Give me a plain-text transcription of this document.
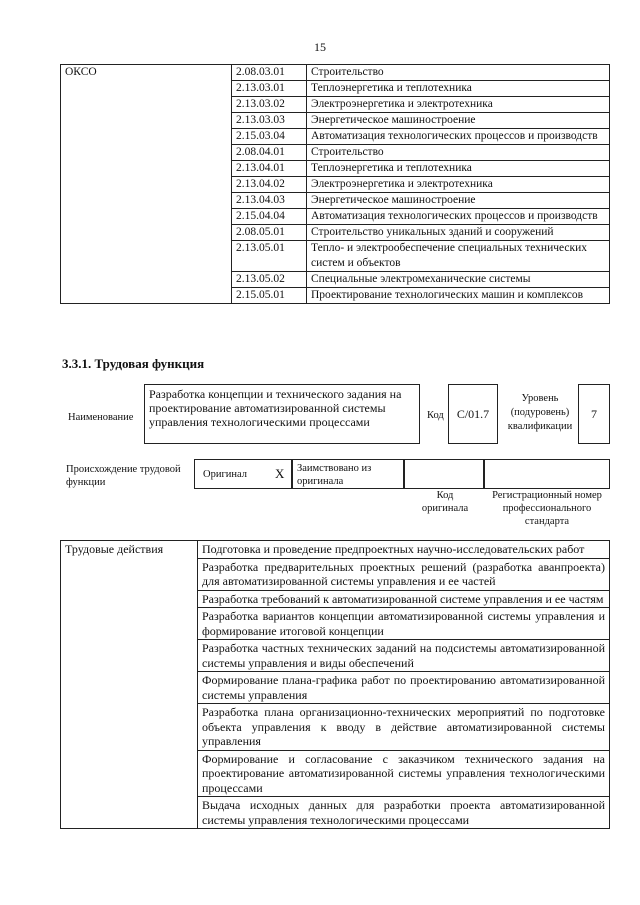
15
ОКСО	2.08.03.01	Строительство
	2.13.03.01	Теплоэнергетика и теплотехника
	2.13.03.02	Электроэнергетика и электротехника
	2.13.03.03	Энергетическое машиностроение
	2.15.03.04	Автоматизация технологических процессов и производств
	2.08.04.01	Строительство
	2.13.04.01	Теплоэнергетика и теплотехника
	2.13.04.02	Электроэнергетика и электротехника
	2.13.04.03	Энергетическое машиностроение
	2.15.04.04	Автоматизация технологических процессов и производств
	2.08.05.01	Строительство уникальных зданий и сооружений
	2.13.05.01	Тепло- и электрообеспечение специальных технических систем и объектов
	2.13.05.02	Специальные электромеханические системы
	2.15.05.01	Проектирование технологических машин и комплексов
3.3.1. Трудовая функция
Наименование
Разработка концепции и технического задания на проектирование автоматизированной системы управления технологическими процессами	Код C/01.7
Уровень (подуровень) квалификации
7
Происхождение трудовой функции
Оригинал X	Заимствовано из оригинала
Код оригинала
Регистрационный номер профессионального стандарта
Трудовые действия	Подготовка и проведение предпроектных научно-исследовательских работ
Разработка предварительных проектных решений (разработка аванпроекта) для автоматизированной системы управления и ее частей
Разработка требований к автоматизированной системе управления и ее частям
Разработка вариантов концепции автоматизированной системы управления и формирование итоговой концепции
Разработка частных технических заданий на подсистемы автоматизированной системы управления и виды обеспечений
Формирование плана-графика работ по проектированию автоматизированной системы управления
Разработка плана организационно-технических мероприятий по подготовке объекта управления к вводу в действие автоматизированной системы управления
Формирование и согласование с заказчиком технического задания на проектирование автоматизированной системы управления технологическими процессами
Выдача исходных данных для разработки проекта автоматизированной системы управления технологическими процессами
